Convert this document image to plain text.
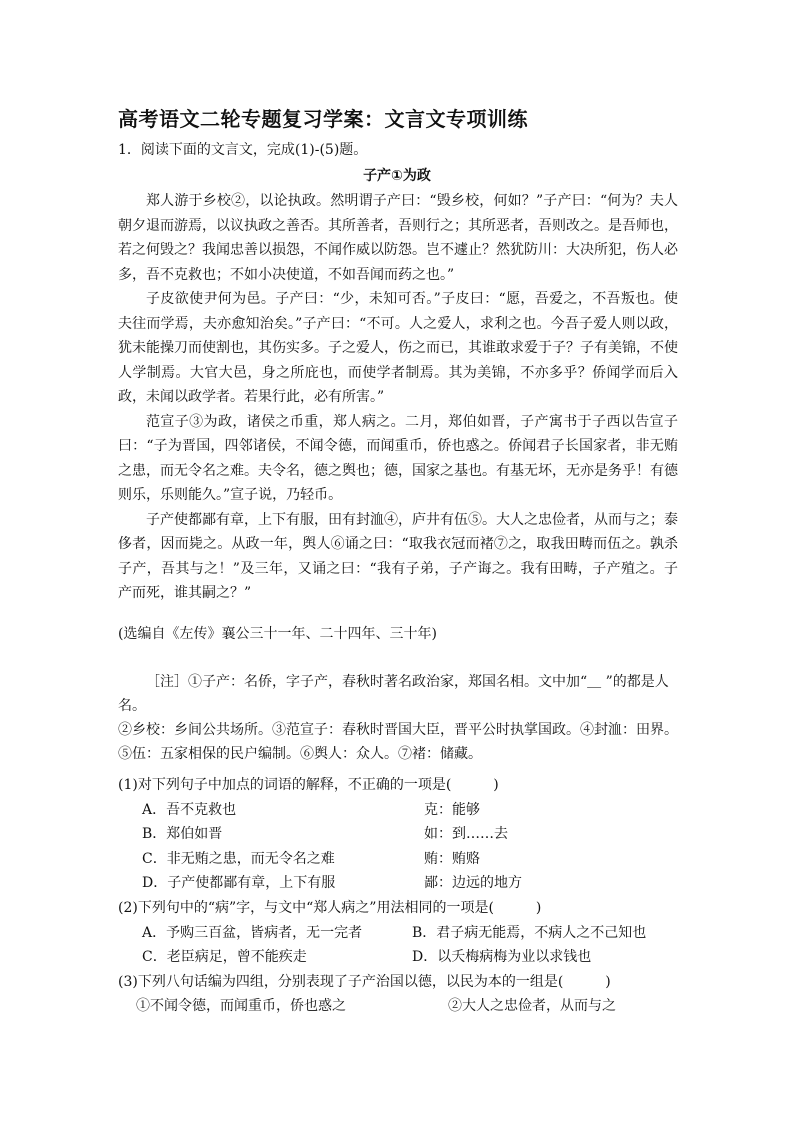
高考语文二轮专题复习学案：文言文专项训练
1．阅读下面的文言文，完成(1)-(5)题。
子产①为政

郑人游于乡校②，以论执政。然明谓子产曰：“毁乡校，何如？”子产曰：“何为？夫人朝夕退而游焉，以议执政之善否。其所善者，吾则行之；其所恶者，吾则改之。是吾师也，若之何毁之？我闻忠善以损怨，不闻作威以防怨。岂不遽止？然犹防川：大决所犯，伤人必多，吾不克救也；不如小决使道，不如吾闻而药之也。”

子皮欲使尹何为邑。子产曰：“少，未知可否。”子皮曰：“愿，吾爱之，不吾叛也。使夫往而学焉，夫亦愈知治矣。”子产曰：“不可。人之爱人，求利之也。今吾子爱人则以政，犹未能操刀而使割也，其伤实多。子之爱人，伤之而已，其谁敢求爱于子？子有美锦，不使人学制焉。大官大邑，身之所庇也，而使学者制焉。其为美锦，不亦多乎？侨闻学而后入政，未闻以政学者。若果行此，必有所害。”

范宣子③为政，诸侯之币重，郑人病之。二月，郑伯如晋，子产寓书于子西以告宣子曰：“子为晋国，四邻诸侯，不闻令德，而闻重币，侨也惑之。侨闻君子长国家者，非无贿之患，而无令名之难。夫令名，德之舆也；德，国家之基也。有基无坏，无亦是务乎！有德则乐，乐则能久。”宣子说，乃轻币。

子产使都鄙有章，上下有服，田有封洫④，庐井有伍⑤。大人之忠俭者，从而与之；泰侈者，因而毙之。从政一年，舆人⑥诵之曰：“取我衣冠而褚⑦之，取我田畴而伍之。孰杀子产，吾其与之！”及三年，又诵之曰：“我有子弟，子产诲之。我有田畴，子产殖之。子产而死，谁其嗣之？”

(选编自《左传》襄公三十一年、二十四年、三十年)

［注］①子产：名侨，字子产，春秋时著名政治家，郑国名相。文中加“＿ ”的都是人名。

②乡校：乡间公共场所。③范宣子：春秋时晋国大臣，晋平公时执掌国政。④封洫：田界。⑤伍：五家相保的民户编制。⑥舆人：众人。⑦褚：储藏。

(1)对下列句子中加点的词语的解释，不正确的一项是(　　　)
A．吾不克救也	克：能够
B．郑伯如晋	如：到……去
C．非无贿之患，而无令名之难	贿：贿赂
D．子产使都鄙有章，上下有服	鄙：边远的地方
(2)下列句中的“病”字，与文中“郑人病之”用法相同的一项是(　　　)
A．予购三百盆，皆病者，无一完者	B．君子病无能焉，不病人之不己知也
C．老臣病足，曾不能疾走	D．以夭梅病梅为业以求钱也
(3)下列八句话编为四组，分别表现了子产治国以德，以民为本的一组是(　　　)
①不闻令德，而闻重币，侨也惑之	②大人之忠俭者，从而与之
